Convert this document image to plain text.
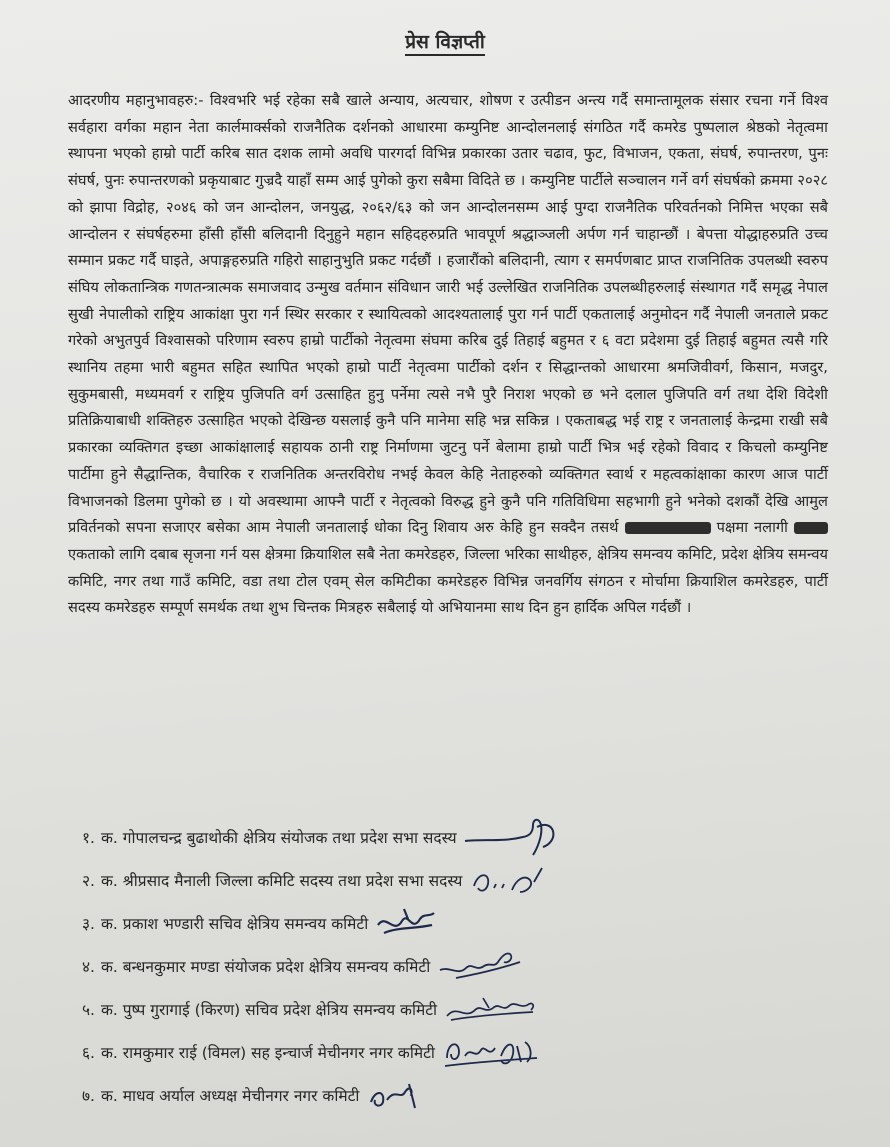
प्रेस विज्ञप्ती
आदरणीय महानुभावहरु:- विश्वभरि भई रहेका सबै खाले अन्याय, अत्यचार, शोषण र उत्पीडन अन्त्य गर्दै समान्तामूलक संसार रचना गर्ने विश्व सर्वहारा वर्गका महान नेता कार्लमार्क्सको राजनैतिक दर्शनको आधारमा कम्युनिष्ट आन्दोलनलाई संगठित गर्दै कमरेड पुष्पलाल श्रेष्ठको नेतृत्वमा स्थापना भएको हाम्रो पार्टी करिब सात दशक लामो अवधि पारगर्दा विभिन्न प्रकारका उतार चढाव, फुट, विभाजन, एकता, संघर्ष, रुपान्तरण, पुनः संघर्ष, पुनः रुपान्तरणको प्रकृयाबाट गुज्रदै याहाँ सम्म आई पुगेको कुरा सबैमा विदिते छ । कम्युनिष्ट पार्टीले सञ्चालन गर्ने वर्ग संघर्षको क्रममा २०२८ को झापा विद्रोह, २०४६ को जन आन्दोलन, जनयुद्ध, २०६२/६३ को जन आन्दोलनसम्म आई पुग्दा राजनैतिक परिवर्तनको निमित्त भएका सबै आन्दोलन र संघर्षहरुमा हाँसी हाँसी बलिदानी दिनुहुने महान सहिदहरुप्रति भावपूर्ण श्रद्धाञ्जली अर्पण गर्न चाहान्छौं । बेपत्ता योद्धाहरुप्रति उच्च सम्मान प्रकट गर्दै घाइते, अपाङ्गहरुप्रति गहिरो साहानुभुति प्रकट गर्दछौं । हजारौंको बलिदानी, त्याग र समर्पणबाट प्राप्त राजनितिक उपलब्धी स्वरुप संघिय लोकतान्त्रिक गणतन्त्रात्मक समाजवाद उन्मुख वर्तमान संविधान जारी भई उल्लेखित राजनितिक उपलब्धीहरुलाई संस्थागत गर्दै समृद्ध नेपाल सुखी नेपालीको राष्ट्रिय आकांक्षा पुरा गर्न स्थिर सरकार र स्थायित्वको आदश्यतालाई पुरा गर्न पार्टी एकतालाई अनुमोदन गर्दै नेपाली जनताले प्रकट गरेको अभुतपुर्व विश्वासको परिणाम स्वरुप हाम्रो पार्टीको नेतृत्वमा संघमा करिब दुई तिहाई बहुमत र ६ वटा प्रदेशमा दुई तिहाई बहुमत त्यसै गरि स्थानिय तहमा भारी बहुमत सहित स्थापित भएको हाम्रो पार्टी नेतृत्वमा पार्टीको दर्शन र सिद्धान्तको आधारमा श्रमजिवीवर्ग, किसान, मजदुर, सुकुमबासी, मध्यमवर्ग र राष्ट्रिय पुजिपति वर्ग उत्साहित हुनु पर्नेमा त्यसे नभै पुरै निराश भएको छ भने दलाल पुजिपति वर्ग तथा देशि विदेशी प्रतिक्रियाबाधी शक्तिहरु उत्साहित भएको देखिन्छ यसलाई कुनै पनि मानेमा सहि भन्न सकिन्न । एकताबद्ध भई राष्ट्र र जनतालाई केन्द्रमा राखी सबै प्रकारका व्यक्तिगत इच्छा आकांक्षालाई सहायक ठानी राष्ट्र निर्माणमा जुटनु पर्ने बेलामा हाम्रो पार्टी भित्र भई रहेको विवाद र किचलो कम्युनिष्ट पार्टीमा हुने सैद्धान्तिक, वैचारिक र राजनितिक अन्तरविरोध नभई केवल केहि नेताहरुको व्यक्तिगत स्वार्थ र महत्वकांक्षाका कारण आज पार्टी विभाजनको डिलमा पुगेको छ । यो अवस्थामा आफ्नै पार्टी र नेतृत्वको विरुद्ध हुने कुनै पनि गतिविधिमा सहभागी हुने भनेको दशकौं देखि आमुल प्रविर्तनको सपना सजाएर बसेका आम नेपाली जनतालाई धोका दिनु शिवाय अरु केहि हुन सक्दैन तसर्थ	पक्षमा नलागी  एकताको लागि दबाब सृजना गर्न यस क्षेत्रमा क्रियाशिल सबै नेता कमरेडहरु, जिल्ला भरिका साथीहरु, क्षेत्रिय समन्वय कमिटि, प्रदेश क्षेत्रिय समन्वय कमिटि, नगर तथा गाउँ कमिटि, वडा तथा टोल एवम् सेल कमिटीका कमरेडहरु विभिन्न जनवर्गिय संगठन र मोर्चामा क्रियाशिल कमरेडहरु, पार्टी सदस्य कमरेडहरु सम्पूर्ण समर्थक तथा शुभ चिन्तक मित्रहरु सबैलाई यो अभियानमा साथ दिन हुन हार्दिक अपिल गर्दछौं ।
१. क. गोपालचन्द्र बुढाथोकी क्षेत्रिय संयोजक तथा प्रदेश सभा सदस्य
२. क. श्रीप्रसाद मैनाली जिल्ला कमिटि सदस्य तथा प्रदेश सभा सदस्य
३. क. प्रकाश भण्डारी सचिव क्षेत्रिय समन्वय कमिटी
४. क. बन्धनकुमार मण्डा संयोजक प्रदेश क्षेत्रिय समन्वय कमिटी
५. क. पुष्प गुरागाई (किरण) सचिव प्रदेश क्षेत्रिय समन्वय कमिटी
६. क. रामकुमार राई (विमल) सह इन्चार्ज मेचीनगर नगर कमिटी
७. क. माधव अर्याल अध्यक्ष मेचीनगर नगर कमिटी
